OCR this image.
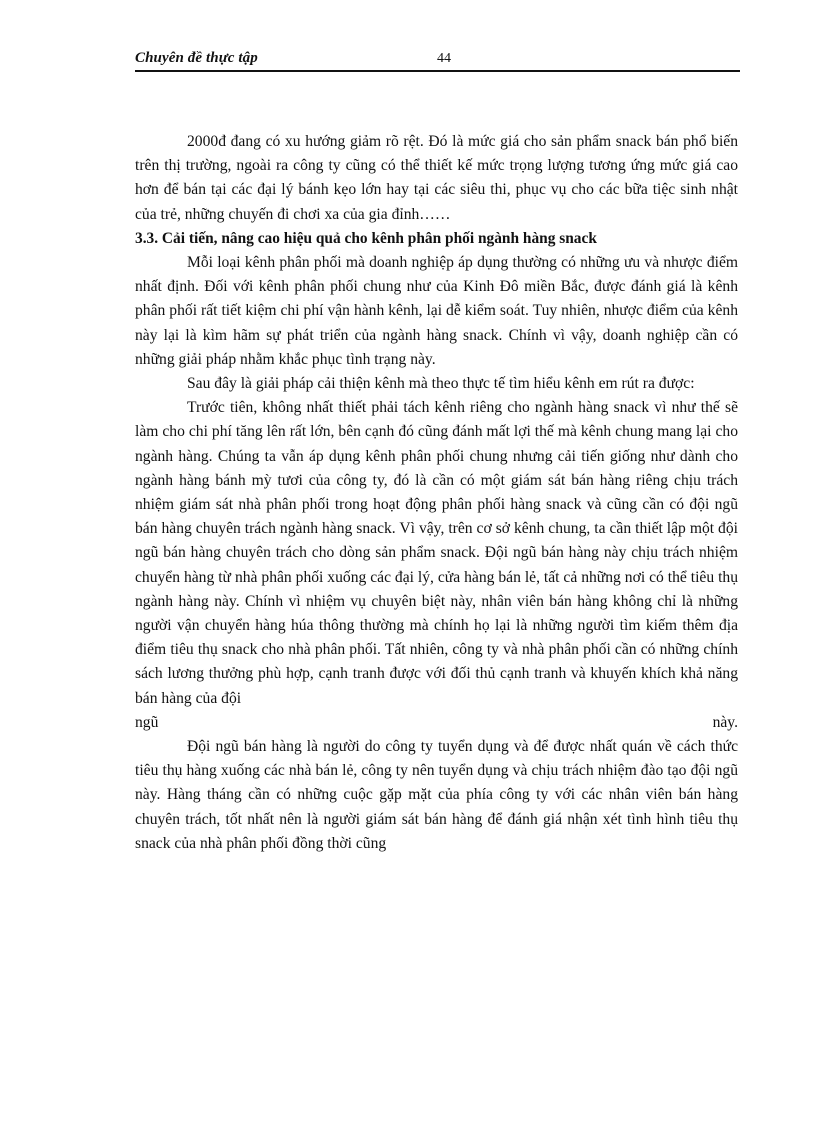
Chuyên đề thực tập	44

2000đ đang có xu hướng giảm rõ rệt. Đó là mức giá cho sản phẩm snack bán phổ biến trên thị trường, ngoài ra công ty cũng có thể thiết kế mức trọng lượng tương ứng mức giá cao hơn để bán tại các đại lý bánh kẹo lớn hay tại các siêu thi, phục vụ cho các bữa tiệc sinh nhật của trẻ, những chuyến đi chơi xa của gia đỉnh……

3.3. Cải tiến, nâng cao hiệu quả cho kênh phân phối ngành hàng snack

Mỗi loại kênh phân phối mà doanh nghiệp áp dụng thường có những ưu và nhược điểm nhất định. Đối với kênh phân phối chung như của Kinh Đô miền Bắc, được đánh giá là kênh phân phối rất tiết kiệm chi phí vận hành kênh, lại dễ kiểm soát. Tuy nhiên, nhược điểm của kênh này lại là kìm hãm sự phát triển của ngành hàng snack. Chính vì vậy, doanh nghiệp cần có những giải pháp nhằm khắc phục tình trạng này.

Sau đây là giải pháp cải thiện kênh mà theo thực tế tìm hiểu kênh em rút ra được:

Trước tiên, không nhất thiết phải tách kênh riêng cho ngành hàng snack vì như thế sẽ làm cho chi phí tăng lên rất lớn, bên cạnh đó cũng đánh mất lợi thế mà kênh chung mang lại cho ngành hàng. Chúng ta vẫn áp dụng kênh phân phối chung nhưng cải tiến giống như dành cho ngành hàng bánh mỳ tươi của công ty, đó là cần có một giám sát bán hàng riêng chịu trách nhiệm giám sát nhà phân phối trong hoạt động phân phối hàng snack và cũng cần có đội ngũ bán hàng chuyên trách ngành hàng snack. Vì vậy, trên cơ sở kênh chung, ta cần thiết lập một đội ngũ bán hàng chuyên trách cho dòng sản phẩm snack. Đội ngũ bán hàng này chịu trách nhiệm chuyển hàng từ nhà phân phối xuống các đại lý, cửa hàng bán lẻ, tất cả những nơi có thể tiêu thụ ngành hàng này. Chính vì nhiệm vụ chuyên biệt này, nhân viên bán hàng không chỉ là những người vận chuyển hàng húa thông thường mà chính họ lại là những người tìm kiếm thêm địa điểm tiêu thụ snack cho nhà phân phối. Tất nhiên, công ty và nhà phân phối cần có những chính sách lương thưởng phù hợp, cạnh tranh được với đối thủ cạnh tranh và khuyến khích khả năng bán hàng của đội

ngũ này.

Đội ngũ bán hàng là người do công ty tuyển dụng và để được nhất quán về cách thức tiêu thụ hàng xuống các nhà bán lẻ, công ty nên tuyển dụng và chịu trách nhiệm đào tạo đội ngũ này. Hàng tháng cần có những cuộc gặp mặt của phía công ty với các nhân viên bán hàng chuyên trách, tốt nhất nên là người giám sát bán hàng để đánh giá nhận xét tình hình tiêu thụ snack của nhà phân phối đồng thời cũng
